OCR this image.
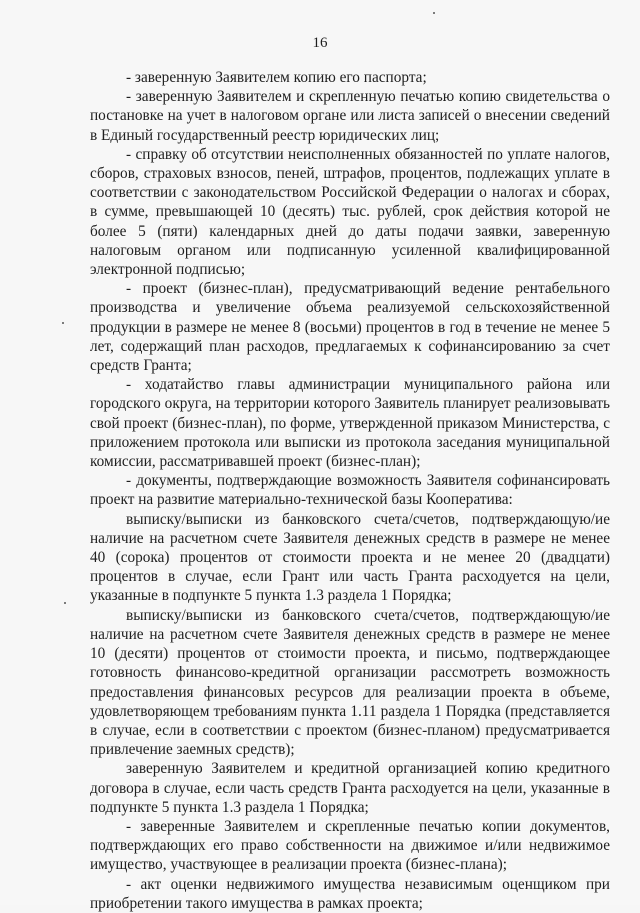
16

- заверенную Заявителем копию его паспорта;

- заверенную Заявителем и скрепленную печатью копию свидетельства о постановке на учет в налоговом органе или листа записей о внесении сведений в Единый государственный реестр юридических лиц;

- справку об отсутствии неисполненных обязанностей по уплате налогов, сборов, страховых взносов, пеней, штрафов, процентов, подлежащих уплате в соответствии с законодательством Российской Федерации о налогах и сборах, в сумме, превышающей 10 (десять) тыс. рублей, срок действия которой не более 5 (пяти) календарных дней до даты подачи заявки, заверенную налоговым органом или подписанную усиленной квалифицированной электронной подписью;

- проект (бизнес-план), предусматривающий ведение рентабельного производства и увеличение объема реализуемой сельскохозяйственной продукции в размере не менее 8 (восьми) процентов в год в течение не менее 5 лет, содержащий план расходов, предлагаемых к софинансированию за счет средств Гранта;

- ходатайство главы администрации муниципального района или городского округа, на территории которого Заявитель планирует реализовывать свой проект (бизнес-план), по форме, утвержденной приказом Министерства, с приложением протокола или выписки из протокола заседания муниципальной комиссии, рассматривавшей проект (бизнес-план);

- документы, подтверждающие возможность Заявителя софинансировать проект на развитие материально-технической базы Кооператива:

выписку/выписки из банковского счета/счетов, подтверждающую/ие наличие на расчетном счете Заявителя денежных средств в размере не менее 40 (сорока) процентов от стоимости проекта и не менее 20 (двадцати) процентов в случае, если Грант или часть Гранта расходуется на цели, указанные в подпункте 5 пункта 1.3 раздела 1 Порядка;

выписку/выписки из банковского счета/счетов, подтверждающую/ие наличие на расчетном счете Заявителя денежных средств в размере не менее 10 (десяти) процентов от стоимости проекта, и письмо, подтверждающее готовность финансово-кредитной организации рассмотреть возможность предоставления финансовых ресурсов для реализации проекта в объеме, удовлетворяющем требованиям пункта 1.11 раздела 1 Порядка (представляется в случае, если в соответствии с проектом (бизнес-планом) предусматривается привлечение заемных средств);

заверенную Заявителем и кредитной организацией копию кредитного договора в случае, если часть средств Гранта расходуется на цели, указанные в подпункте 5 пункта 1.3 раздела 1 Порядка;

- заверенные Заявителем и скрепленные печатью копии документов, подтверждающих его право собственности на движимое и/или недвижимое имущество, участвующее в реализации проекта (бизнес-плана);

- акт оценки недвижимого имущества независимым оценщиком при приобретении такого имущества в рамках проекта;
